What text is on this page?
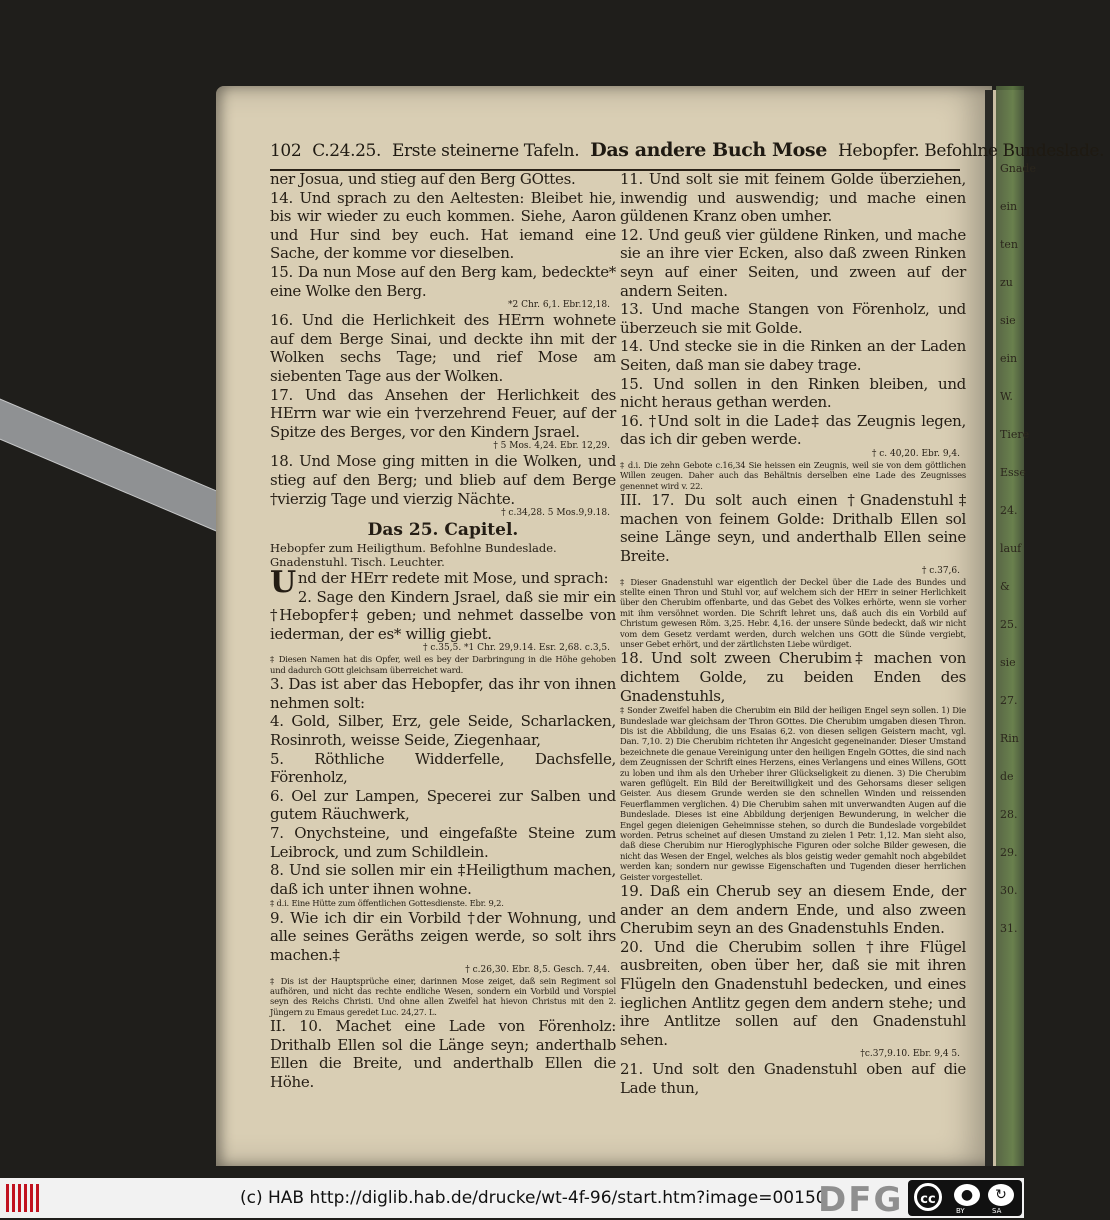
102 C.24.25. Erste steinerne Tafeln. Das andere Buch Mose Hebopfer. Befohlne Bundeslade.

ner Josua, und stieg auf den Berg GOttes.

14. Und sprach zu den Aeltesten: Bleibet hie, bis wir wieder zu euch kommen. Siehe, Aaron und Hur sind bey euch. Hat iemand eine Sache, der komme vor dieselben.

15. Da nun Mose auf den Berg kam, bedeckte* eine Wolke den Berg.

*2 Chr. 6,1. Ebr.12,18.

16. Und die Herlichkeit des HErrn wohnete auf dem Berge Sinai, und deckte ihn mit der Wolken sechs Tage; und rief Mose am siebenten Tage aus der Wolken.

17. Und das Ansehen der Herlichkeit des HErrn war wie ein †verzehrend Feuer, auf der Spitze des Berges, vor den Kindern Jsrael.

† 5 Mos. 4,24. Ebr. 12,29.

18. Und Mose ging mitten in die Wolken, und stieg auf den Berg; und blieb auf dem Berge †vierzig Tage und vierzig Nächte.

† c.34,28. 5 Mos.9,9.18.

Das 25. Capitel.

Hebopfer zum Heiligthum. Befohlne Bundeslade. Gnadenstuhl. Tisch. Leuchter.

Und der HErr redete mit Mose, und sprach:

2. Sage den Kindern Jsrael, daß sie mir ein †Hebopfer‡ geben; und nehmet dasselbe von iederman, der es* willig giebt.

† c.35,5. *1 Chr. 29,9.14. Esr. 2,68. c.3,5.

‡ Diesen Namen hat dis Opfer, weil es bey der Darbringung in die Höhe gehoben und dadurch GOtt gleichsam überreichet ward.

3. Das ist aber das Hebopfer, das ihr von ihnen nehmen solt:

4. Gold, Silber, Erz, gele Seide, Scharlacken, Rosinroth, weisse Seide, Ziegenhaar,

5. Röthliche Widderfelle, Dachsfelle, Förenholz,

6. Oel zur Lampen, Specerei zur Salben und gutem Räuchwerk,

7. Onychsteine, und eingefaßte Steine zum Leibrock, und zum Schildlein.

8. Und sie sollen mir ein ‡Heiligthum machen, daß ich unter ihnen wohne.

‡ d.i. Eine Hütte zum öffentlichen Gottesdienste. Ebr. 9,2.

9. Wie ich dir ein Vorbild †der Wohnung, und alle seines Geräths zeigen werde, so solt ihrs machen.‡

† c.26,30. Ebr. 8,5. Gesch. 7,44.

‡ Dis ist der Hauptsprüche einer, darinnen Mose zeiget, daß sein Regiment sol aufhören, und nicht das rechte endliche Wesen, sondern ein Vorbild und Vorspiel seyn des Reichs Christi. Und ohne allen Zweifel hat hievon Christus mit den 2. Jüngern zu Emaus geredet Luc. 24,27. L.

II. 10. Machet eine Lade von Förenholz: Drithalb Ellen sol die Länge seyn; anderthalb Ellen die Breite, und anderthalb Ellen die Höhe.

11. Und solt sie mit feinem Golde überziehen, inwendig und auswendig; und mache einen güldenen Kranz oben umher.

12. Und geuß vier güldene Rinken, und mache sie an ihre vier Ecken, also daß zween Rinken seyn auf einer Seiten, und zween auf der andern Seiten.

13. Und mache Stangen von Förenholz, und überzeuch sie mit Golde.

14. Und stecke sie in die Rinken an der Laden Seiten, daß man sie dabey trage.

15. Und sollen in den Rinken bleiben, und nicht heraus gethan werden.

16. †Und solt in die Lade‡ das Zeugnis legen, das ich dir geben werde.

† c. 40,20. Ebr. 9,4.

‡ d.i. Die zehn Gebote c.16,34 Sie heissen ein Zeugnis, weil sie von dem göttlichen Willen zeugen. Daher auch das Behältnis derselben eine Lade des Zeugnisses genennet wird v. 22.

III. 17. Du solt auch einen †Gnadenstuhl‡ machen von feinem Golde: Drithalb Ellen sol seine Länge seyn, und anderthalb Ellen seine Breite.

† c.37,6.

‡ Dieser Gnadenstuhl war eigentlich der Deckel über die Lade des Bundes und stellte einen Thron und Stuhl vor, auf welchem sich der HErr in seiner Herlichkeit über den Cherubim offenbarte, und das Gebet des Volkes erhörte, wenn sie vorher mit ihm versöhnet worden. Die Schrift lehret uns, daß auch dis ein Vorbild auf Christum gewesen Röm. 3,25. Hebr. 4,16. der unsere Sünde bedeckt, daß wir nicht vom dem Gesetz verdamt werden, durch welchen uns GOtt die Sünde vergiebt, unser Gebet erhört, und der zärtlichsten Liebe würdiget.

18. Und solt zween Cherubim‡ machen von dichtem Golde, zu beiden Enden des Gnadenstuhls,

‡ Sonder Zweifel haben die Cherubim ein Bild der heiligen Engel seyn sollen. 1) Die Bundeslade war gleichsam der Thron GOttes. Die Cherubim umgaben diesen Thron. Dis ist die Abbildung, die uns Esaias 6,2. von diesen seligen Geistern macht, vgl. Dan. 7,10. 2) Die Cherubim richteten ihr Angesicht gegeneinander. Dieser Umstand bezeichnete die genaue Vereinigung unter den heiligen Engeln GOttes, die sind nach dem Zeugnissen der Schrift eines Herzens, eines Verlangens und eines Willens, GOtt zu loben und ihm als den Urheber ihrer Glückseligkeit zu dienen. 3) Die Cherubim waren geflügelt. Ein Bild der Bereitwilligkeit und des Gehorsams dieser seligen Geister. Aus diesem Grunde werden sie den schnellen Winden und reissenden Feuerflammen verglichen. 4) Die Cherubim sahen mit unverwandten Augen auf die Bundeslade. Dieses ist eine Abbildung derjenigen Bewunderung, in welcher die Engel gegen dieienigen Geheimnisse stehen, so durch die Bundeslade vorgebildet worden. Petrus scheinet auf diesen Umstand zu zielen 1 Petr. 1,12. Man sieht also, daß diese Cherubim nur Hieroglyphische Figuren oder solche Bilder gewesen, die nicht das Wesen der Engel, welches als blos geistig weder gemahlt noch abgebildet werden kan; sondern nur gewisse Eigenschaften und Tugenden dieser herrlichen Geister vorgestellet.

19. Daß ein Cherub sey an diesem Ende, der ander an dem andern Ende, und also zween Cherubim seyn an des Gnadenstuhls Enden.

20. Und die Cherubim sollen †ihre Flügel ausbreiten, oben über her, daß sie mit ihren Flügeln den Gnadenstuhl bedecken, und eines ieglichen Antlitz gegen dem andern stehe; und ihre Antlitze sollen auf den Gnadenstuhl sehen.

†c.37,9.10. Ebr. 9,4 5.

21. Und solt den Gnadenstuhl oben auf die Lade thun,

Gnade
ein
ten
zu
sie
ein
W.
Tiere
Esse
24.
lauf
&
25.
sie
27.
Rin
de
28.
29.
30.
31.
(c) HAB http://diglib.hab.de/drucke/wt-4f-96/start.htm?image=00150
DFG	cc	●	↻
BY	SA
